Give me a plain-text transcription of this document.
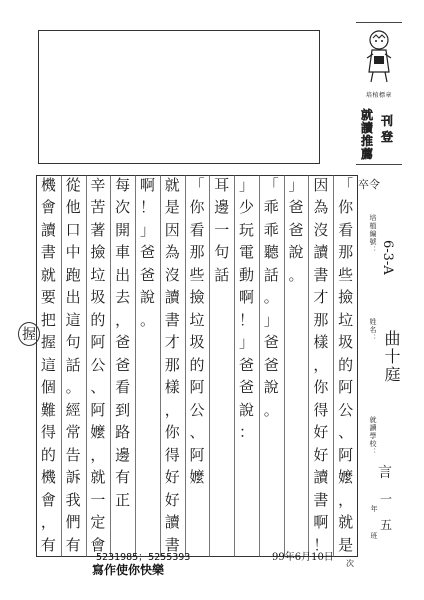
培植標章
就
讀
推
薦
刊
登
卒令
培植編號：
6-3-A
姓名： 曲十庭
就讀學校：
言
一
年
五
班
「
你
看
那
些
撿
垃
圾
的
阿
公
、
阿
嬤
，
就
是
因
為
沒
讀
書
才
那
樣
，
你
得
好
好
讀
書
啊
！
」
爸
爸
說
。
「
乖
乖
聽
話
。
」
爸
爸
說
。
」
少
玩
電
動
啊
！
」
爸
爸
說
：
耳
邊
一
句
話
「
你
看
那
些
撿
垃
圾
的
阿
公
、
阿
嬤
就
是
因
為
沒
讀
書
才
那
樣
，
你
得
好
好
讀
書
啊
！
」
爸
爸
說
。
每
次
開
車
出
去
，
爸
爸
看
到
路
邊
有
正
辛
苦
著
撿
垃
圾
的
阿
公
、
阿
嬤
，
就
一
定
會
從
他
口
中
跑
出
這
句
話
。
經
常
告
訴
我
們
有
機
會
讀
書
就
要
把
握
這
個
難
得
的
機
會
，
有
握
5231985；5255393
寫作使你快樂
99年6月10日
次
